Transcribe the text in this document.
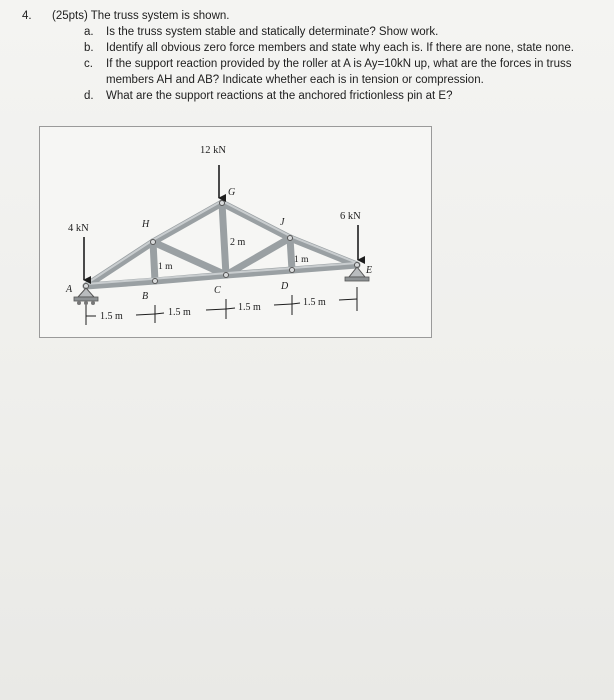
4. (25pts) The truss system is shown.
a. Is the truss system stable and statically determinate? Show work.
b. Identify all obvious zero force members and state why each is. If there are none, state none.
c. If the support reaction provided by the roller at A is Ay=10kN up, what are the forces in truss members AH and AB? Indicate whether each is in tension or compression.
d. What are the support reactions at the anchored frictionless pin at E?
12 kN
4 kN
6 kN
A
B
C	D
E
G
H	J
2 m
1 m
1 m
1.5 m	1.5 m	1.5 m	1.5 m
